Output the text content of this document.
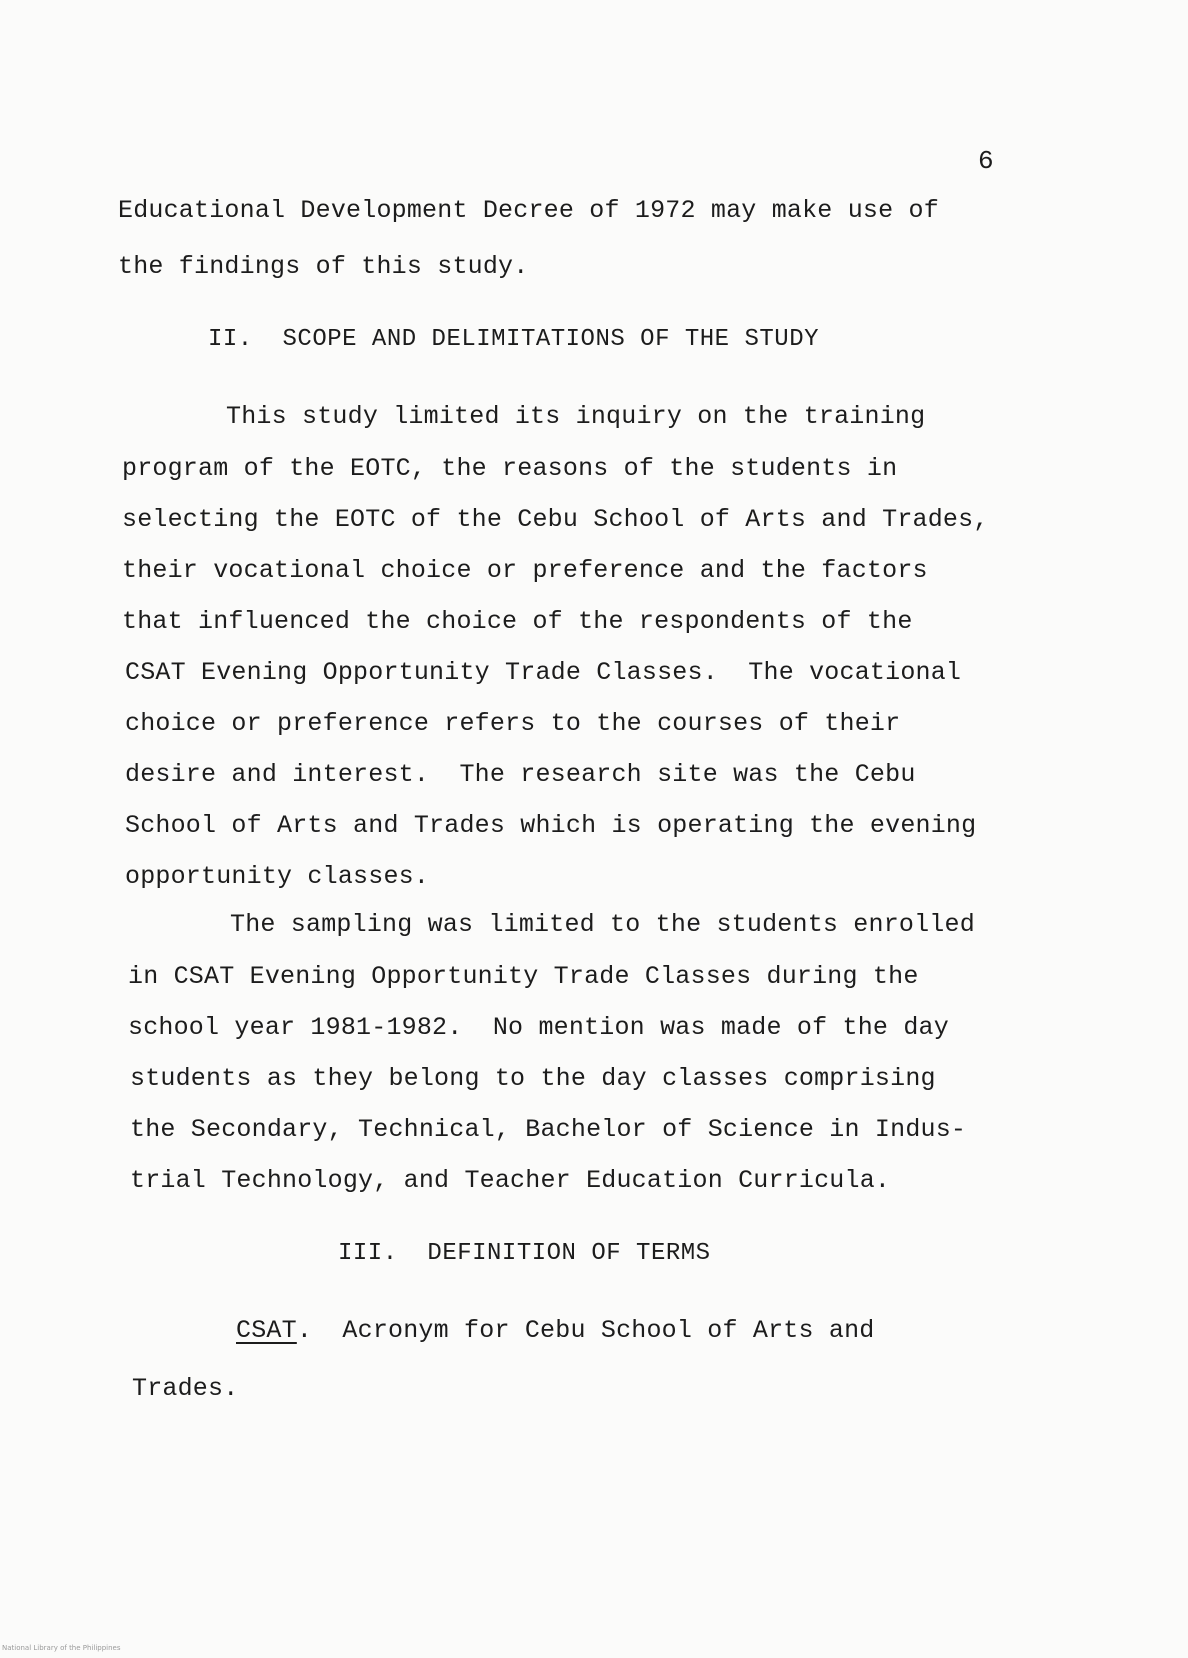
6
Educational Development Decree of 1972 may make use of
the findings of this study.
II.  SCOPE AND DELIMITATIONS OF THE STUDY
This study limited its inquiry on the training
program of the EOTC, the reasons of the students in
selecting the EOTC of the Cebu School of Arts and Trades,
their vocational choice or preference and the factors
that influenced the choice of the respondents of the
CSAT Evening Opportunity Trade Classes.  The vocational
choice or preference refers to the courses of their
desire and interest.  The research site was the Cebu
School of Arts and Trades which is operating the evening
opportunity classes.
The sampling was limited to the students enrolled
in CSAT Evening Opportunity Trade Classes during the
school year 1981-1982.  No mention was made of the day
students as they belong to the day classes comprising
the Secondary, Technical, Bachelor of Science in Indus-
trial Technology, and Teacher Education Curricula.
III.  DEFINITION OF TERMS
CSAT.  Acronym for Cebu School of Arts and
Trades.
National Library of the Philippines
